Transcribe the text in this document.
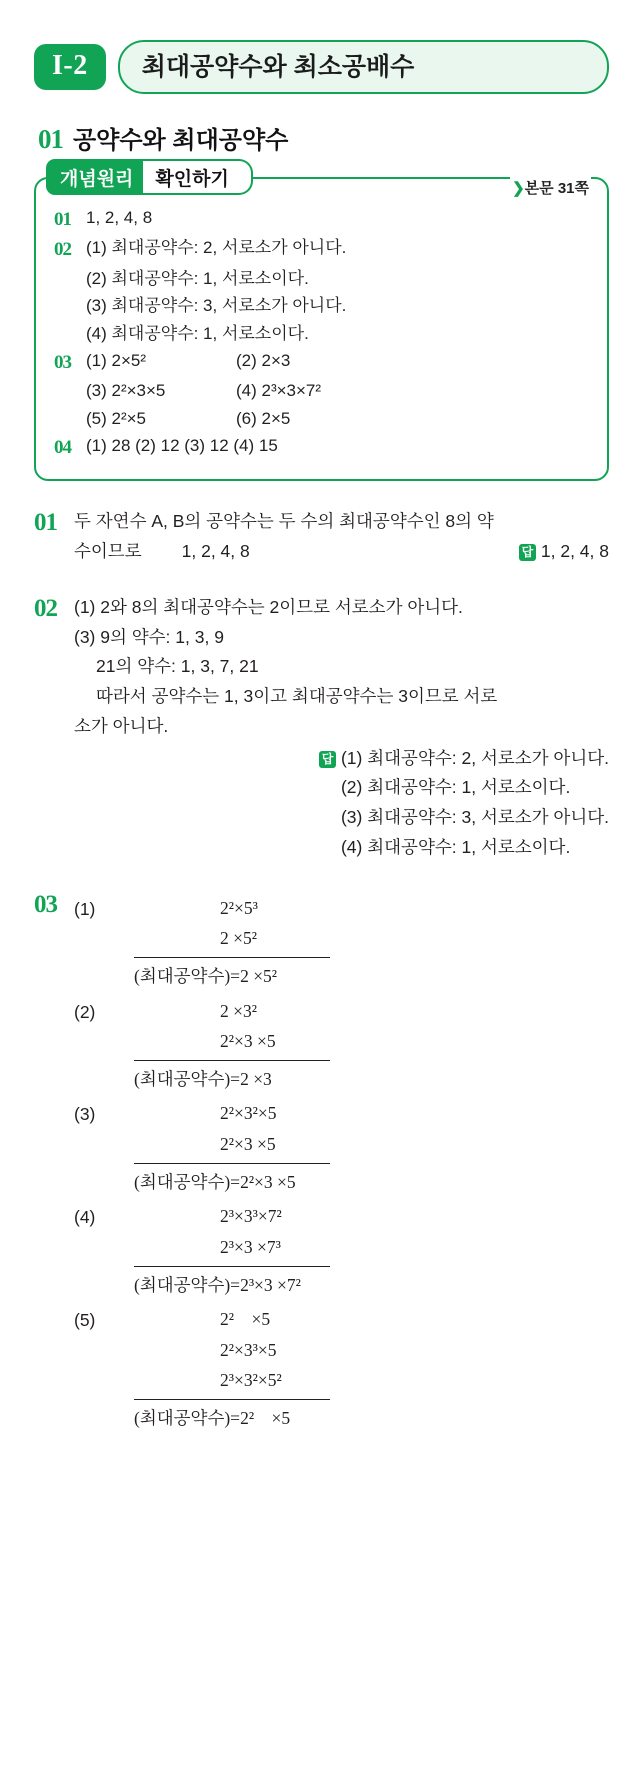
I-2	최대공약수와 최소공배수
01 공약수와 최대공약수
개념원리	확인하기	❯본문 31쪽
01 1, 2, 4, 8
02 (1) 최대공약수: 2, 서로소가 아니다.
(2) 최대공약수: 1, 서로소이다.
(3) 최대공약수: 3, 서로소가 아니다.
(4) 최대공약수: 1, 서로소이다.
03 (1) 2×5²	(2) 2×3
(3) 2²×3×5	(4) 2³×3×7²
(5) 2²×5	(6) 2×5
04 (1) 28 (2) 12 (3) 12 (4) 15
01 두 자연수 A, B의 공약수는 두 수의 최대공약수인 8의 약
수이므로	1, 2, 4, 8	답 1, 2, 4, 8
02 (1) 2와 8의 최대공약수는 2이므로 서로소가 아니다.
(3) 9의 약수: 1, 3, 9
21의 약수: 1, 3, 7, 21
따라서 공약수는 1, 3이고 최대공약수는 3이므로 서로
소가 아니다.
답 (1) 최대공약수: 2, 서로소가 아니다.
(2) 최대공약수: 1, 서로소이다.
(3) 최대공약수: 3, 서로소가 아니다.
(4) 최대공약수: 1, 서로소이다.
03 (1)	2²×5³
2 ×5²
(최대공약수)=2 ×5²
(2)	2 ×3²
2²×3 ×5
(최대공약수)=2 ×3
(3)	2²×3²×5
2²×3 ×5
(최대공약수)=2²×3 ×5
(4)	2³×3³×7²
2³×3 ×7³
(최대공약수)=2³×3 ×7²
(5)	2²    ×5
2²×3³×5
2³×3²×5²
(최대공약수)=2²    ×5
